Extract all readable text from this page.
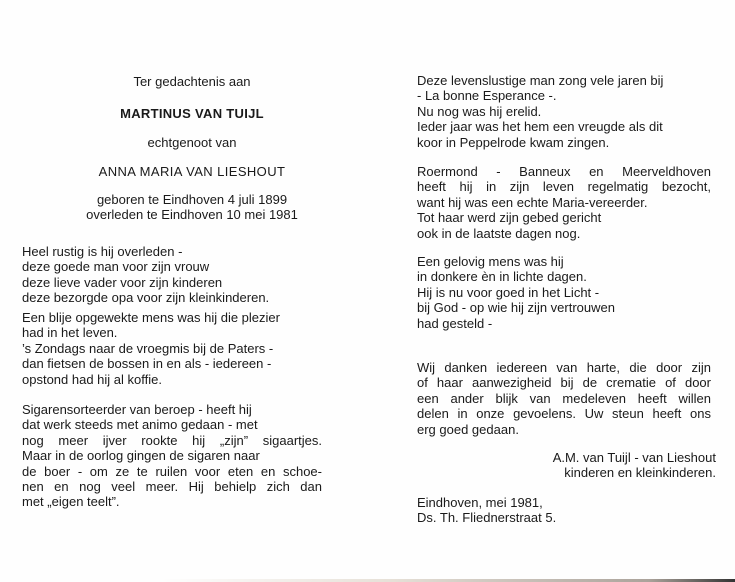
Ter gedachtenis aan
MARTINUS VAN TUIJL
echtgenoot van
ANNA MARIA VAN LIESHOUT
geboren te Eindhoven 4 juli 1899
overleden te Eindhoven 10 mei 1981
Heel rustig is hij overleden -
deze goede man voor zijn vrouw
deze lieve vader voor zijn kinderen
deze bezorgde opa voor zijn kleinkinderen.
Een blije opgewekte mens was hij die plezier
had in het leven.
’s Zondags naar de vroegmis bij de Paters -
dan fietsen de bossen in en als - iedereen -
opstond had hij al koffie.
Sigarensorteerder van beroep - heeft hij
dat werk steeds met animo gedaan - met
nog meer ijver rookte hij „zijn” sigaartjes.
Maar in de oorlog gingen de sigaren naar
de boer - om ze te ruilen voor eten en schoe-
nen en nog veel meer. Hij behielp zich dan
met „eigen teelt”.
Deze levenslustige man zong vele jaren bij
- La bonne Esperance -.
Nu nog was hij erelid.
Ieder jaar was het hem een vreugde als dit
koor in Peppelrode kwam zingen.
Roermond - Banneux en Meerveldhoven
heeft hij in zijn leven regelmatig bezocht,
want hij was een echte Maria-vereerder.
Tot haar werd zijn gebed gericht
ook in de laatste dagen nog.
Een gelovig mens was hij
in donkere èn in lichte dagen.
Hij is nu voor goed in het Licht -
bij God - op wie hij zijn vertrouwen
had gesteld -
Wij danken iedereen van harte, die door zijn
of haar aanwezigheid bij de crematie of door
een ander blijk van medeleven heeft willen
delen in onze gevoelens. Uw steun heeft ons
erg goed gedaan.
A.M. van Tuijl - van Lieshout
kinderen en kleinkinderen.
Eindhoven, mei 1981,
Ds. Th. Fliednerstraat 5.
